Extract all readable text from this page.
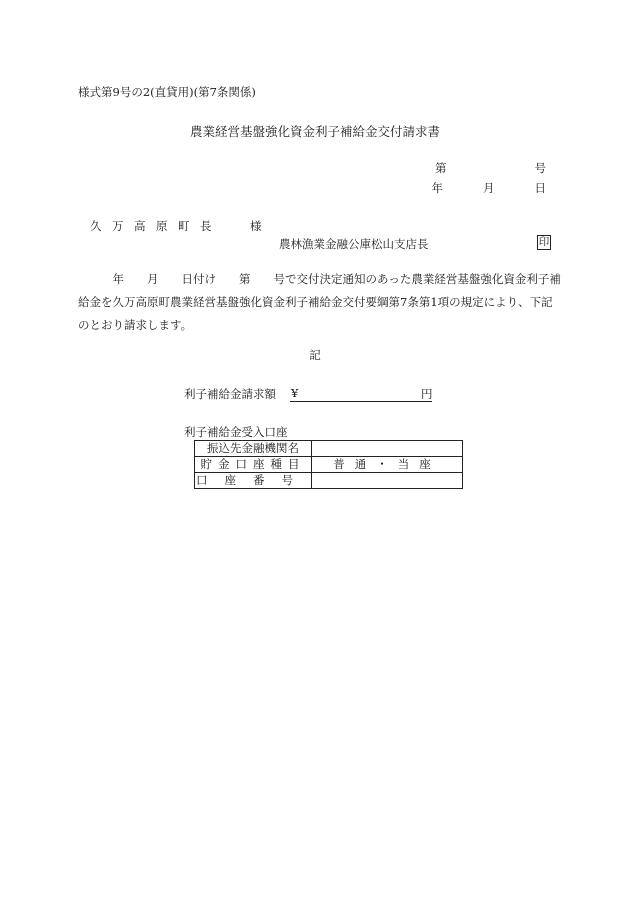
様式第9号の2(直貸用)(第7条関係)
農業経営基盤強化資金利子補給金交付請求書
第	号
年	月	日
久万高原町長 様
農林漁業金融公庫松山支店長	印
　　　年　　月　　日付け　　第　　号で交付決定通知のあった農業経営基盤強化資金利子補給金を久万高原町農業経営基盤強化資金利子補給金交付要綱第7条第1項の規定により、下記のとおり請求します。
記
利子補給金請求額 ¥	円
利子補給金受入口座
振込先金融機関名	
貯金口座種目	普通・当座
口座番号	
